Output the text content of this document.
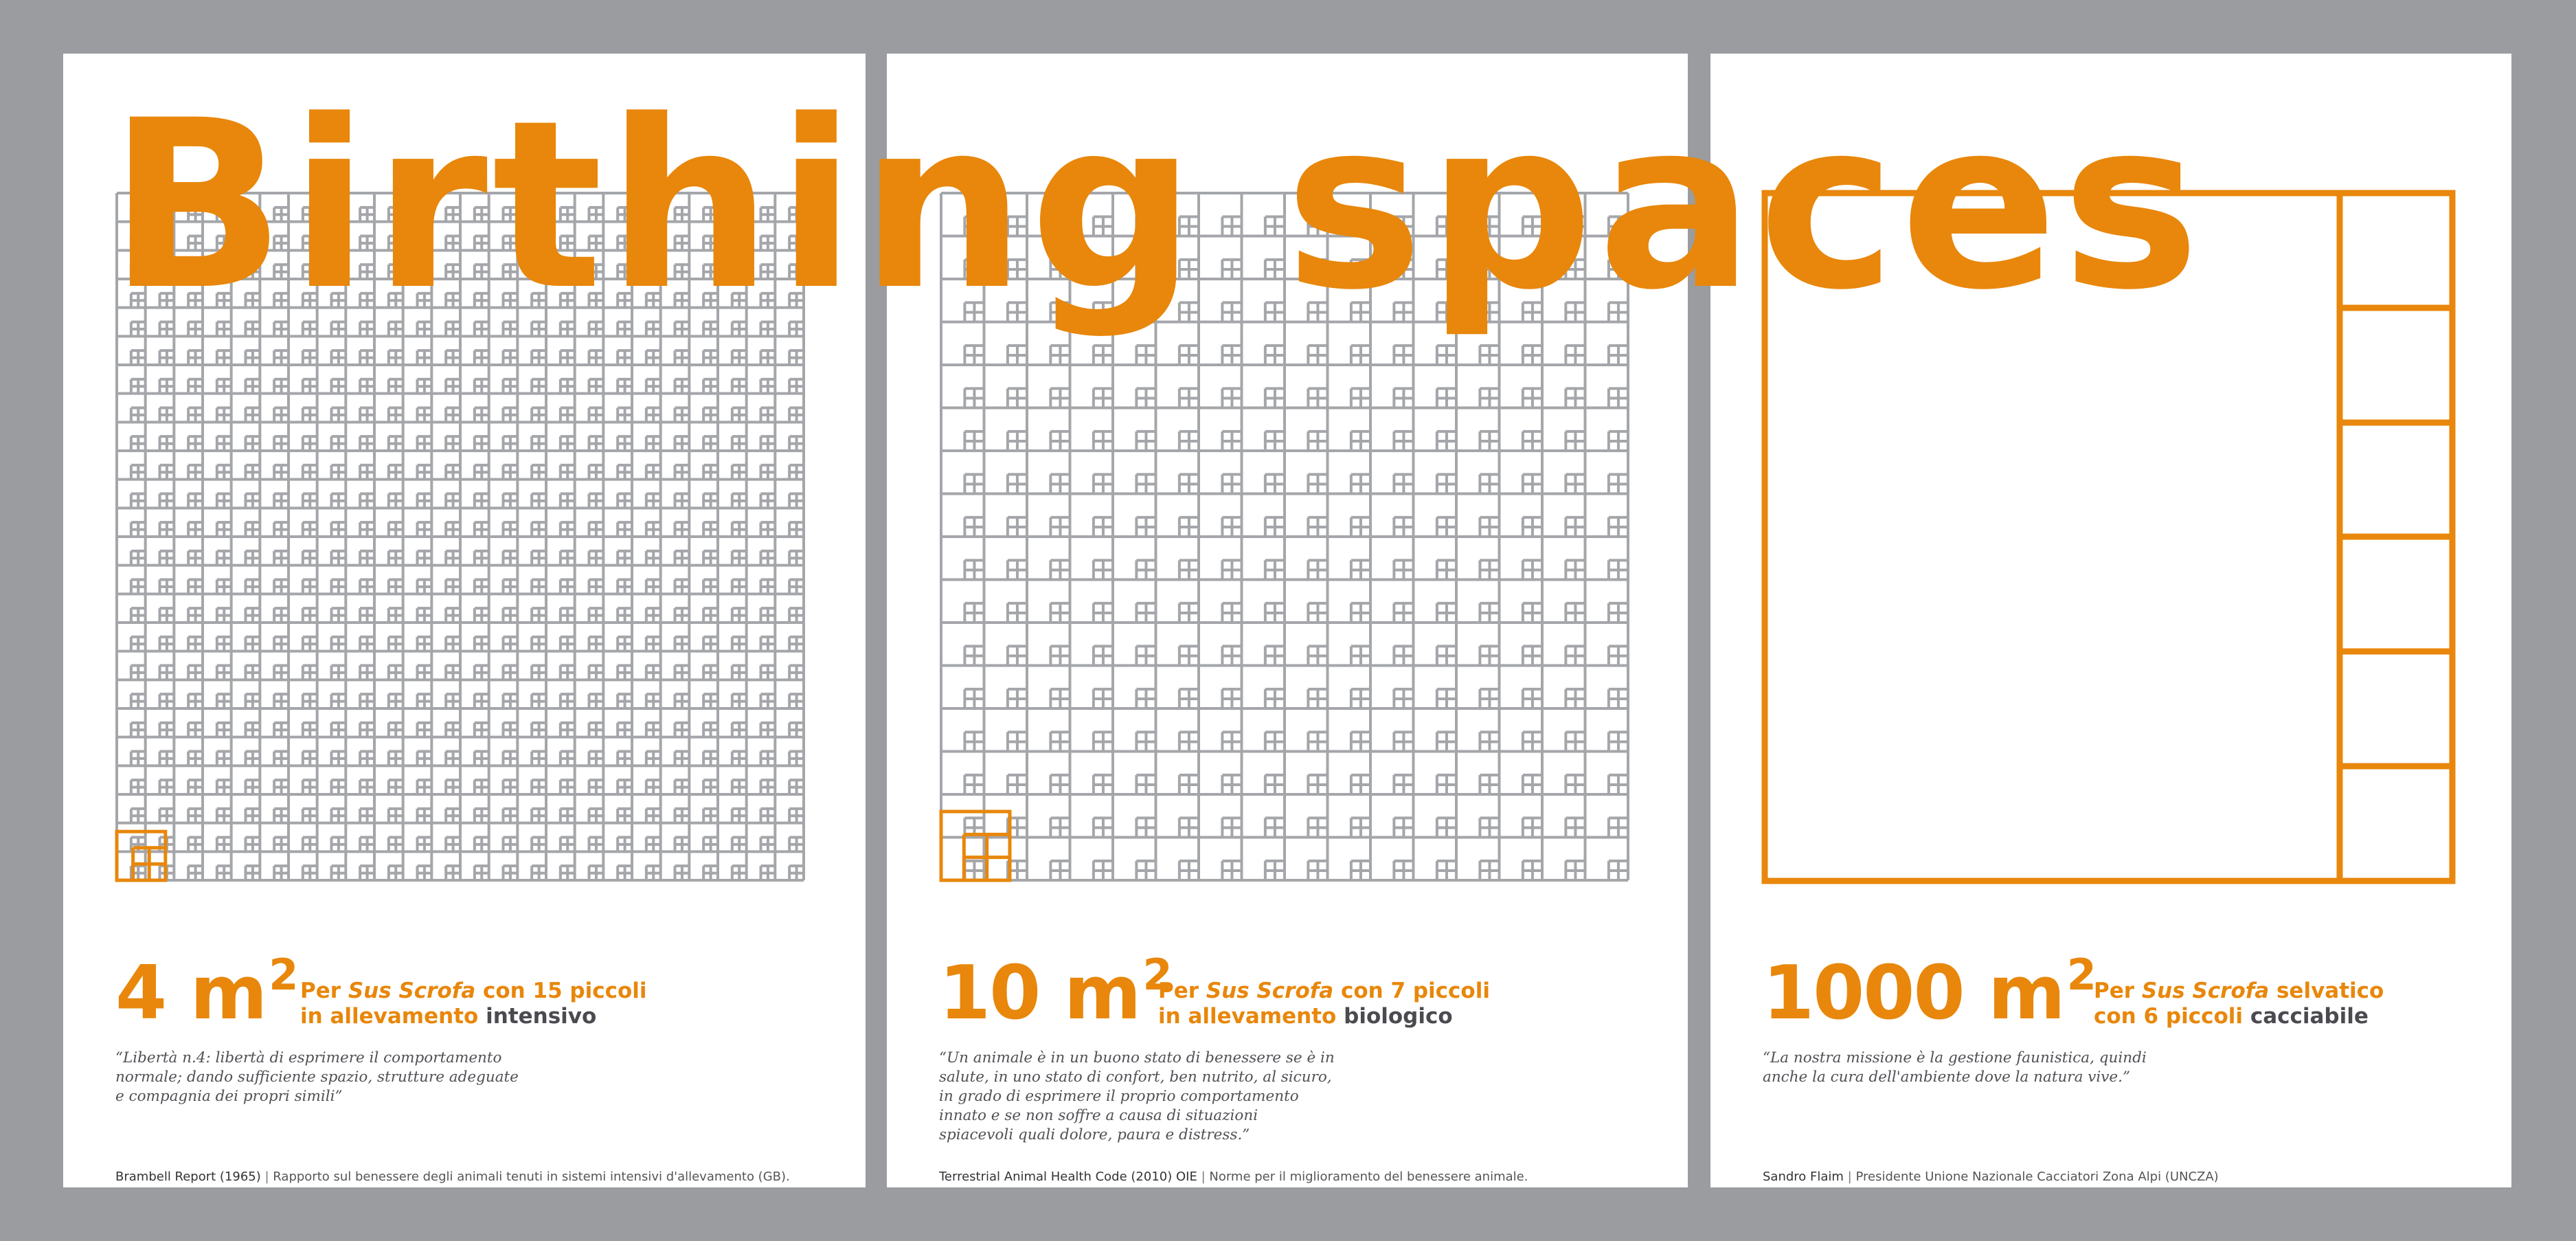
4 $m^2$ Per Sus Scrofa con 15 piccoli
in allevamento intensivo
“Libertà n.4: libertà di esprimere il comportamento
normale; dando sufficiente spazio, strutture adeguate
e compagnia dei propri simili”
Brambell Report (1965) | Rapporto sul benessere degli animali tenuti in sistemi intensivi d'allevamento (GB).
10 $m^2$
Per Sus Scrofa con 7 piccoli
in allevamento biologico
“Un animale è in un buono stato di benessere se è in
salute, in uno stato di confort, ben nutrito, al sicuro,
in grado di esprimere il proprio comportamento
innato e se non soffre a causa di situazioni
spiacevoli quali dolore, paura e distress.”
Terrestrial Animal Health Code (2010) OIE | Norme per il miglioramento del benessere animale.
1000 $m^2$
Per Sus Scrofa selvatico
con 6 piccoli cacciabile
“La nostra missione è la gestione faunistica, quindi
anche la cura dell'ambiente dove la natura vive.”
Sandro Flaim | Presidente Unione Nazionale Cacciatori Zona Alpi (UNCZA)
Birthing spaces
